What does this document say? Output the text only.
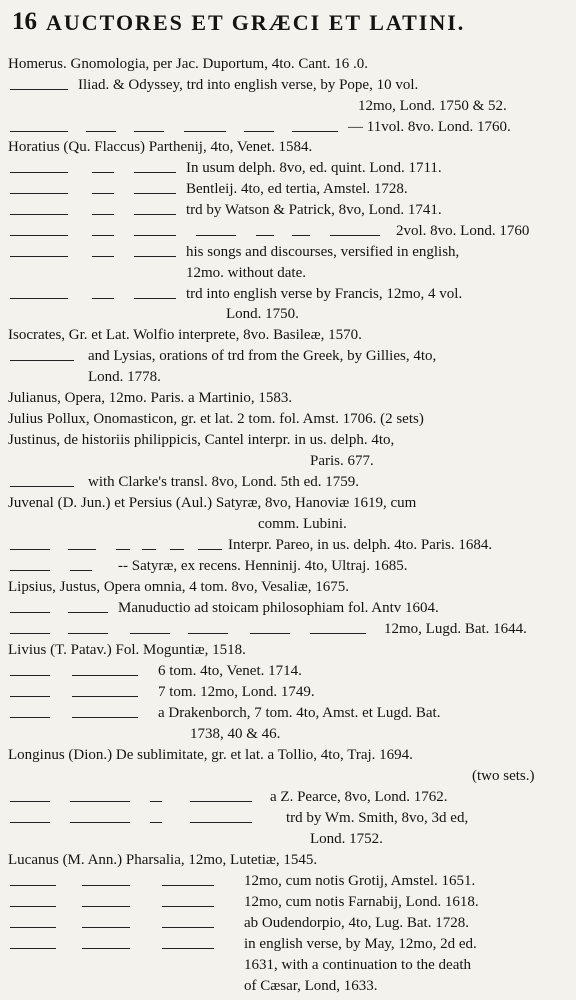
16 AUCTORES ET GRÆCI ET LATINI.
Homerus. Gnomologia, per Jac. Duportum, 4to. Cant. 16 .0.
Iliad. & Odyssey, trd into english verse, by Pope, 10 vol.
12mo, Lond. 1750 & 52.
— 11vol. 8vo. Lond. 1760.
Horatius (Qu. Flaccus) Parthenij, 4to, Venet. 1584.
In usum delph. 8vo, ed. quint. Lond. 1711.
Bentleij. 4to, ed tertia, Amstel. 1728.
trd by Watson & Patrick, 8vo, Lond. 1741.
2vol. 8vo. Lond. 1760
his songs and discourses, versified in english,
12mo. without date.
trd into english verse by Francis, 12mo, 4 vol.
Lond. 1750.
Isocrates, Gr. et Lat. Wolfio interprete, 8vo. Basileæ, 1570.
and Lysias, orations of trd from the Greek, by Gillies, 4to,
Lond. 1778.
Julianus, Opera, 12mo. Paris. a Martinio, 1583.
Julius Pollux, Onomasticon, gr. et lat. 2 tom. fol. Amst. 1706. (2 sets)
Justinus, de historiis philippicis, Cantel interpr. in us. delph. 4to,
Paris. 677.
with Clarke's transl. 8vo, Lond. 5th ed. 1759.
Juvenal (D. Jun.) et Persius (Aul.) Satyræ, 8vo, Hanoviæ 1619, cum
comm. Lubini.
Interpr. Pareo, in us. delph. 4to. Paris. 1684.
-- Satyræ, ex recens. Henninij. 4to, Ultraj. 1685.
Lipsius, Justus, Opera omnia, 4 tom. 8vo, Vesaliæ, 1675.
Manuductio ad stoicam philosophiam fol. Antv 1604.
12mo, Lugd. Bat. 1644.
Livius (T. Patav.) Fol. Moguntiæ, 1518.
6 tom. 4to, Venet. 1714.
7 tom. 12mo, Lond. 1749.
a Drakenborch, 7 tom. 4to, Amst. et Lugd. Bat.
1738, 40 & 46.
Longinus (Dion.) De sublimitate, gr. et lat. a Tollio, 4to, Traj. 1694.
(two sets.)
a Z. Pearce, 8vo, Lond. 1762.
trd by Wm. Smith, 8vo, 3d ed,
Lond. 1752.
Lucanus (M. Ann.) Pharsalia, 12mo, Lutetiæ, 1545.
12mo, cum notis Grotij, Amstel. 1651.
12mo, cum notis Farnabij, Lond. 1618.
ab Oudendorpio, 4to, Lug. Bat. 1728.
in english verse, by May, 12mo, 2d ed.
1631, with a continuation to the death
of Cæsar, Lond, 1633.
